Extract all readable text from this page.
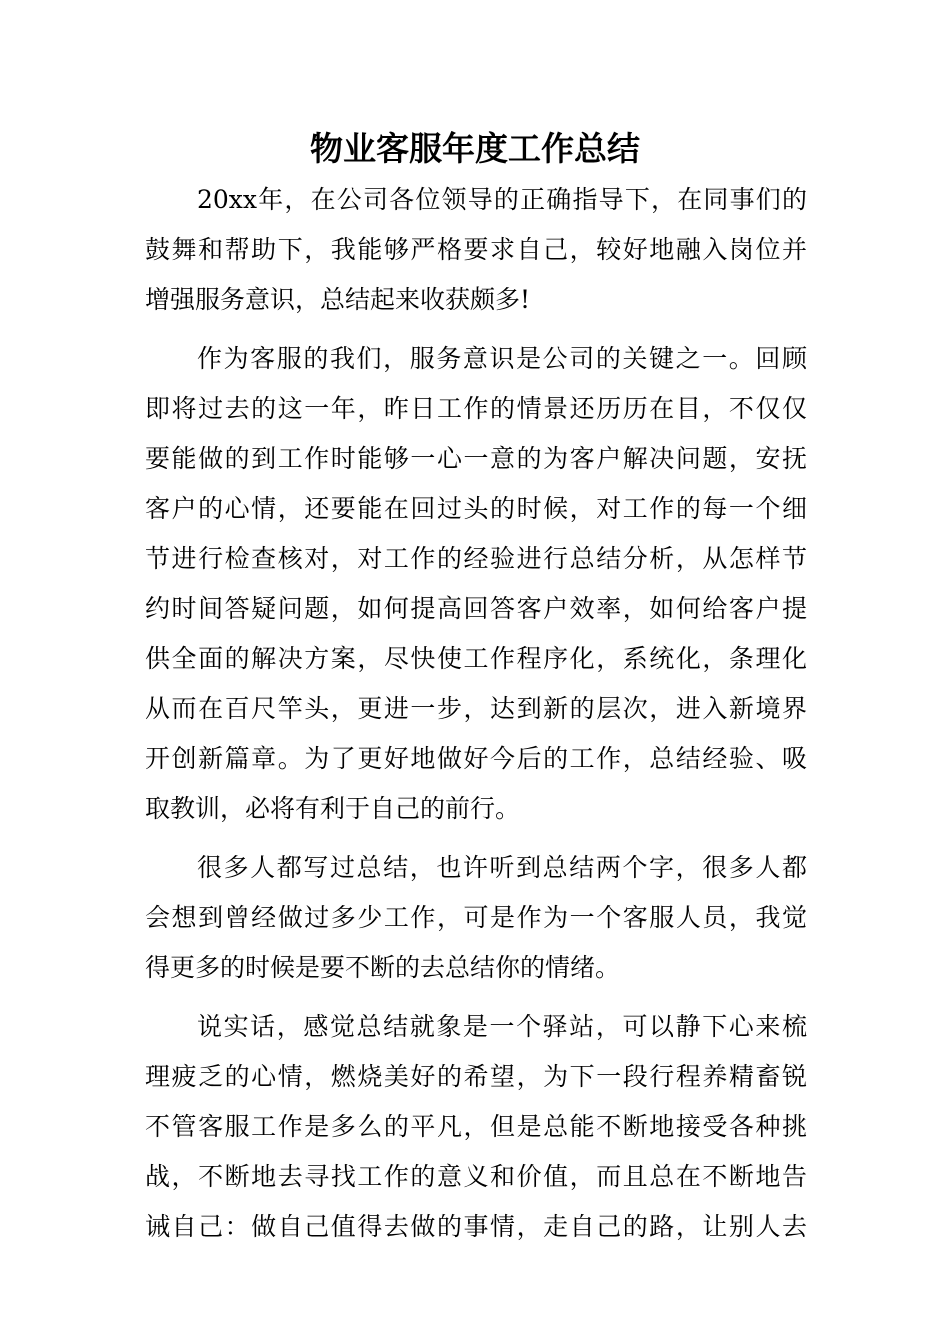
物业客服年度工作总结
20xx年，在公司各位领导的正确指导下，在同事们的
鼓舞和帮助下，我能够严格要求自己，较好地融入岗位并
增强服务意识，总结起来收获颇多!
作为客服的我们，服务意识是公司的关键之一。回顾
即将过去的这一年，昨日工作的情景还历历在目，不仅仅
要能做的到工作时能够一心一意的为客户解决问题，安抚
客户的心情，还要能在回过头的时候，对工作的每一个细
节进行检查核对，对工作的经验进行总结分析，从怎样节
约时间答疑问题，如何提高回答客户效率，如何给客户提
供全面的解决方案，尽快使工作程序化，系统化，条理化
从而在百尺竿头，更进一步，达到新的层次，进入新境界
开创新篇章。为了更好地做好今后的工作，总结经验、吸
取教训，必将有利于自己的前行。
很多人都写过总结，也许听到总结两个字，很多人都
会想到曾经做过多少工作，可是作为一个客服人员，我觉
得更多的时候是要不断的去总结你的情绪。
说实话，感觉总结就象是一个驿站，可以静下心来梳
理疲乏的心情，燃烧美好的希望，为下一段行程养精畜锐
不管客服工作是多么的平凡，但是总能不断地接受各种挑
战，不断地去寻找工作的意义和价值，而且总在不断地告
诫自己：做自己值得去做的事情，走自己的路，让别人去
